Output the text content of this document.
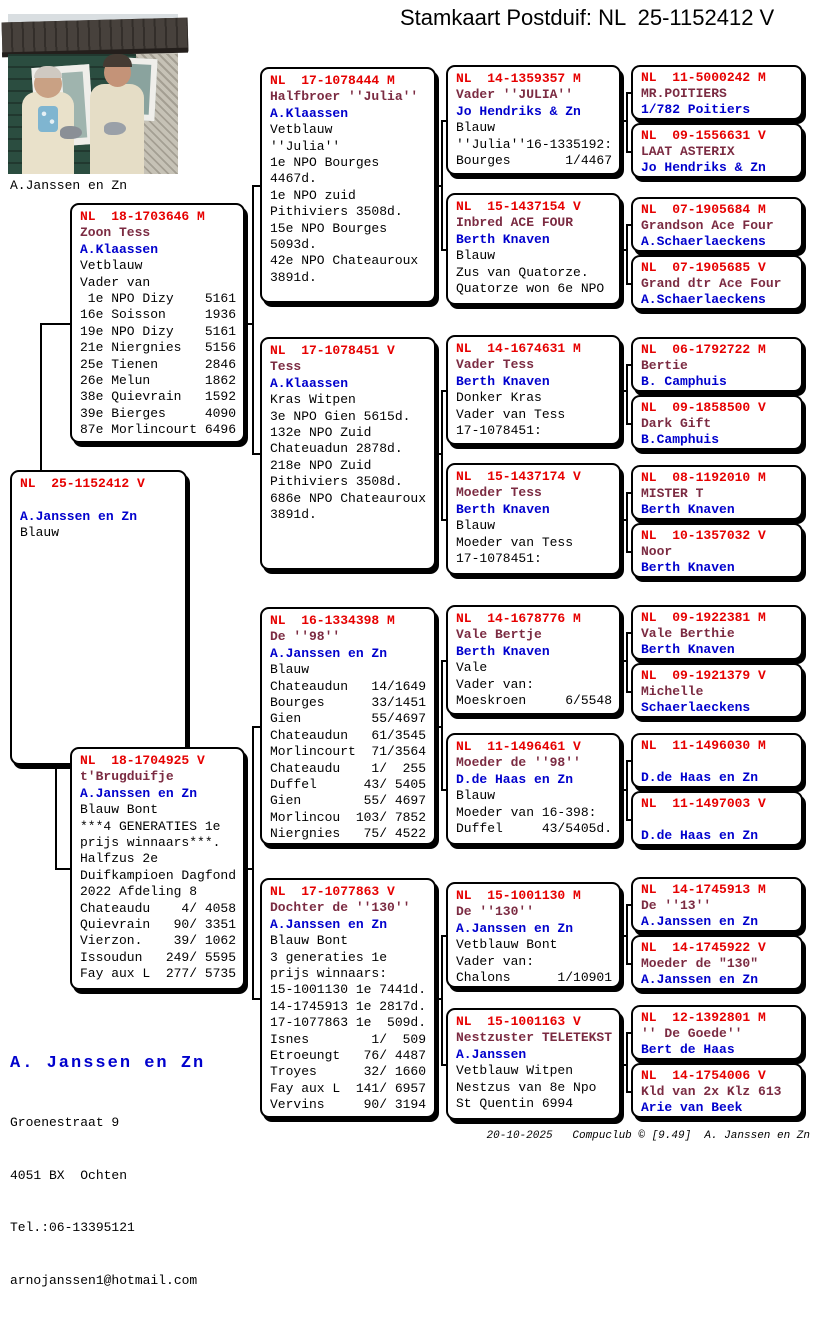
A.Janssen en Zn
Stamkaart Postduif: NL  25-1152412 V
NL  25-1152412 V

A.Janssen en Zn
Blauw
NL  18-1703646 M
Zoon Tess
A.Klaassen
Vetblauw
Vader van
1e NPO Dizy    5161
16e Soisson     1936
19e NPO Dizy    5161
21e Niergnies   5156
25e Tienen      2846
26e Melun       1862
38e Quievrain   1592
39e Bierges     4090
87e Morlincourt 6496
NL  18-1704925 V
t'Brugduifje
A.Janssen en Zn
Blauw Bont
***4 GENERATIES 1e
prijs winnaars***.
Halfzus 2e
Duifkampioen Dagfond
2022 Afdeling 8
Chateaudu    4/ 4058
Quievrain   90/ 3351
Vierzon.    39/ 1062
Issoudun   249/ 5595
Fay aux L  277/ 5735
NL  17-1078444 M
Halfbroer ''Julia''
A.Klaassen
Vetblauw
''Julia''
1e NPO Bourges
4467d.
1e NPO zuid
Pithiviers 3508d.
15e NPO Bourges
5093d.
42e NPO Chateauroux
3891d.
NL  17-1078451 V
Tess
A.Klaassen
Kras Witpen
3e NPO Gien 5615d.
132e NPO Zuid
Chateuadun 2878d.
218e NPO Zuid
Pithiviers 3508d.
686e NPO Chateauroux
3891d.
NL  16-1334398 M
De ''98''
A.Janssen en Zn
Blauw
Chateaudun   14/1649
Bourges      33/1451
Gien         55/4697
Chateaudun   61/3545
Morlincourt  71/3564
Chateaudu    1/  255
Duffel      43/ 5405
Gien        55/ 4697
Morlincou  103/ 7852
Niergnies   75/ 4522
NL  17-1077863 V
Dochter de ''130''
A.Janssen en Zn
Blauw Bont
3 generaties 1e
prijs winnaars:
15-1001130 1e 7441d.
14-1745913 1e 2817d.
17-1077863 1e  509d.
Isnes        1/  509
Etroeungt   76/ 4487
Troyes      32/ 1660
Fay aux L  141/ 6957
Vervins     90/ 3194
NL  14-1359357 M
Vader ''JULIA''
Jo Hendriks & Zn
Blauw
''Julia''16-1335192:
Bourges       1/4467
NL  15-1437154 V
Inbred ACE FOUR
Berth Knaven
Blauw
Zus van Quatorze.
Quatorze won 6e NPO
NL  14-1674631 M
Vader Tess
Berth Knaven
Donker Kras
Vader van Tess
17-1078451:
NL  15-1437174 V
Moeder Tess
Berth Knaven
Blauw
Moeder van Tess
17-1078451:
NL  14-1678776 M
Vale Bertje
Berth Knaven
Vale
Vader van:
Moeskroen     6/5548
NL  11-1496461 V
Moeder de ''98''
D.de Haas en Zn
Blauw
Moeder van 16-398:
Duffel     43/5405d.
NL  15-1001130 M
De ''130''
A.Janssen en Zn
Vetblauw Bont
Vader van:
Chalons      1/10901
NL  15-1001163 V
Nestzuster TELETEKST
A.Janssen
Vetblauw Witpen
Nestzus van 8e Npo
St Quentin 6994
NL  11-5000242 M
MR.POITIERS
1/782 Poitiers
NL  09-1556631 V
LAAT ASTERIX
Jo Hendriks & Zn
NL  07-1905684 M
Grandson Ace Four
A.Schaerlaeckens
NL  07-1905685 V
Grand dtr Ace Four
A.Schaerlaeckens
NL  06-1792722 M
Bertie
B. Camphuis
NL  09-1858500 V
Dark Gift
B.Camphuis
NL  08-1192010 M
MISTER T
Berth Knaven
NL  10-1357032 V
Noor
Berth Knaven
NL  09-1922381 M
Vale Berthie
Berth Knaven
NL  09-1921379 V
Michelle
Schaerlaeckens
NL  11-1496030 M

D.de Haas en Zn
NL  11-1497003 V

D.de Haas en Zn
NL  14-1745913 M
De ''13''
A.Janssen en Zn
NL  14-1745922 V
Moeder de "130"
A.Janssen en Zn
NL  12-1392801 M
'' De Goede''
Bert de Haas
NL  14-1754006 V
Kld van 2x Klz 613
Arie van Beek

A. Janssen en Zn

Groenestraat 9

4051 BX  Ochten

Tel.:06-13395121

arnojanssen1@hotmail.com

20-10-2025   Compuclub © [9.49]  A. Janssen en Zn
